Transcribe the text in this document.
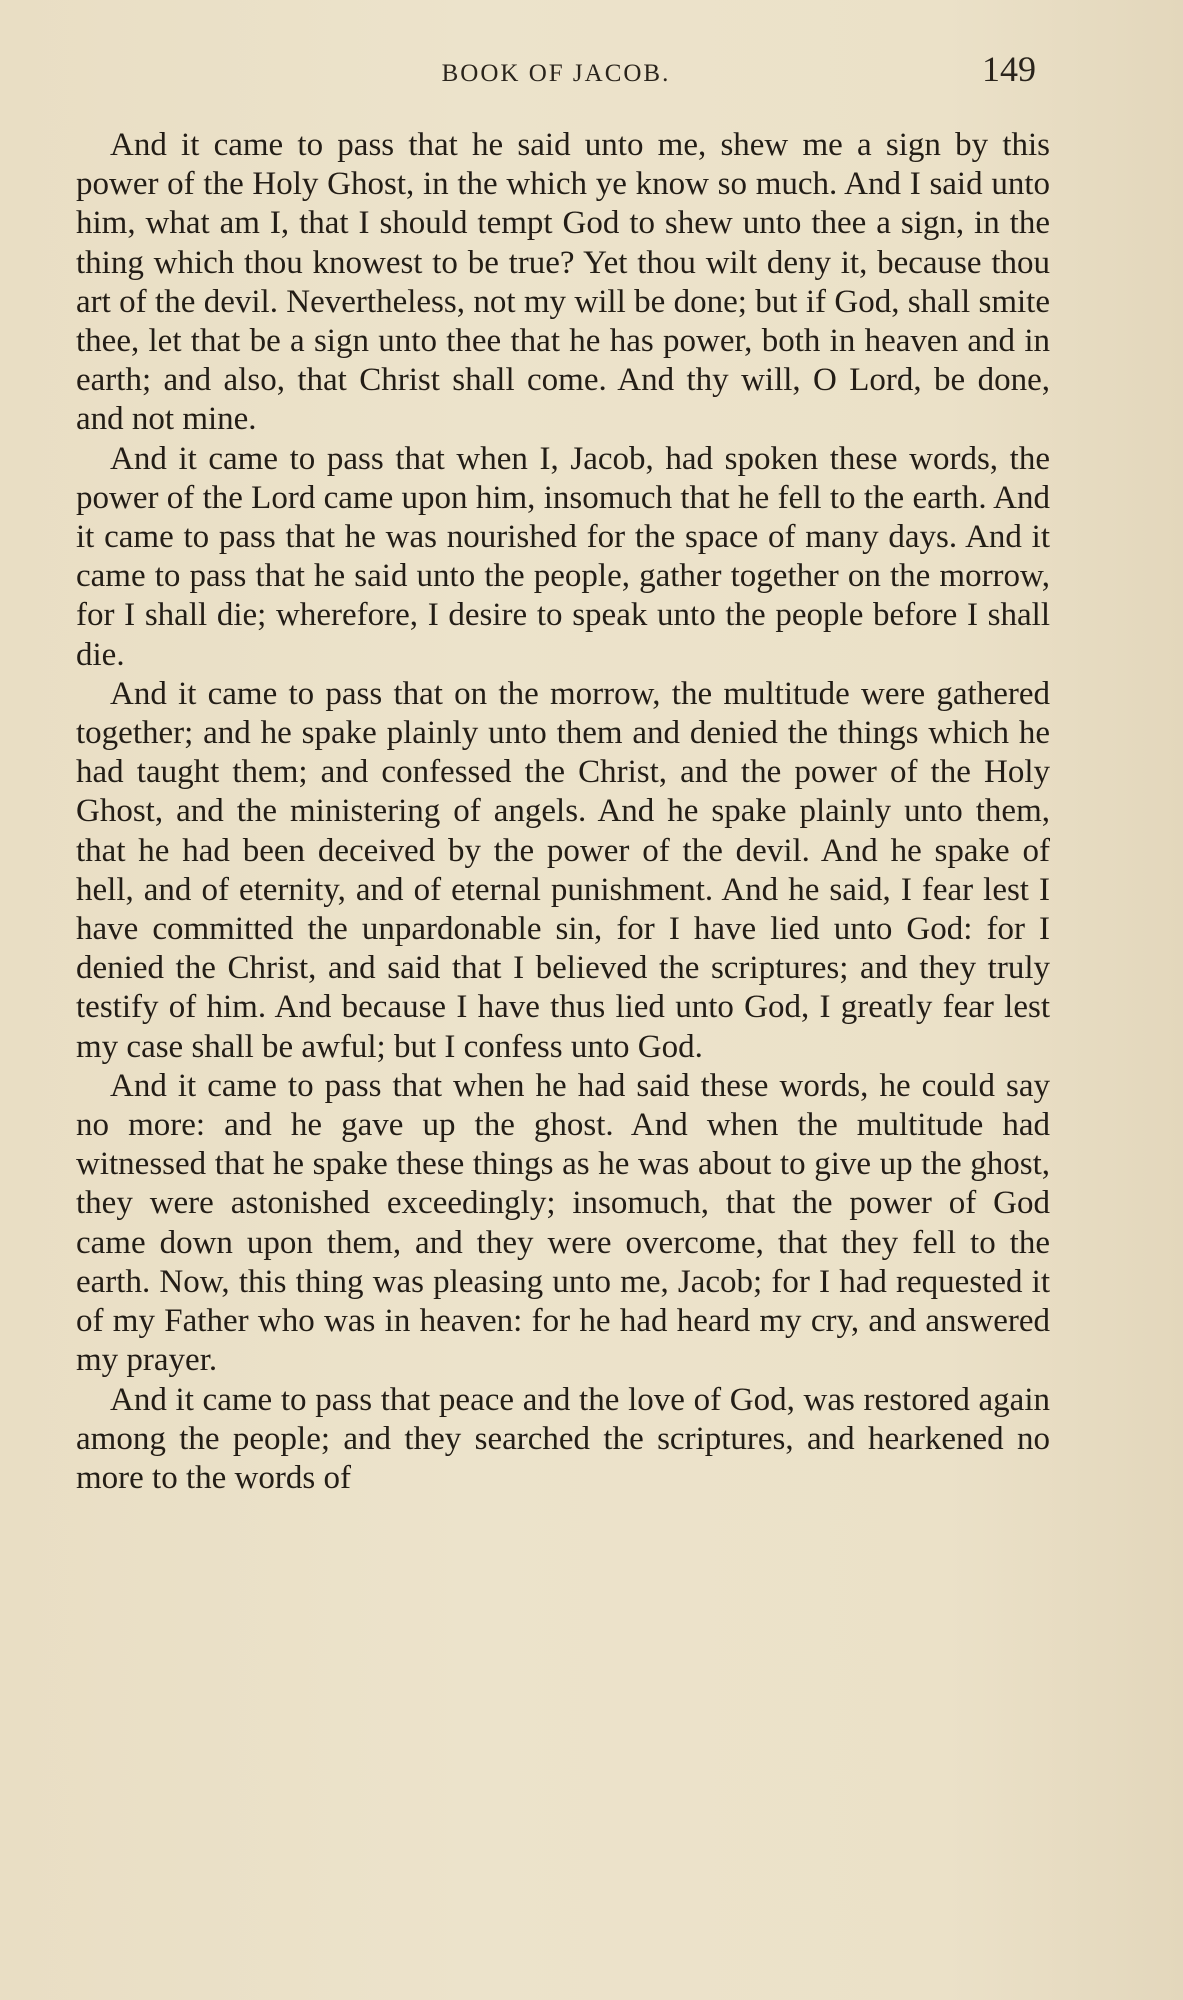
BOOK OF JACOB.	149

And it came to pass that he said unto me, shew me a sign by this power of the Holy Ghost, in the which ye know so much. And I said unto him, what am I, that I should tempt God to shew unto thee a sign, in the thing which thou knowest to be true? Yet thou wilt deny it, because thou art of the devil. Nevertheless, not my will be done; but if God, shall smite thee, let that be a sign unto thee that he has power, both in heaven and in earth; and also, that Christ shall come. And thy will, O Lord, be done, and not mine.

And it came to pass that when I, Jacob, had spoken these words, the power of the Lord came upon him, insomuch that he fell to the earth. And it came to pass that he was nourished for the space of many days. And it came to pass that he said unto the people, gather together on the morrow, for I shall die; wherefore, I desire to speak unto the people before I shall die.

And it came to pass that on the morrow, the multitude were gathered together; and he spake plainly unto them and denied the things which he had taught them; and confessed the Christ, and the power of the Holy Ghost, and the ministering of angels. And he spake plainly unto them, that he had been deceived by the power of the devil. And he spake of hell, and of eternity, and of eternal punishment. And he said, I fear lest I have committed the unpardonable sin, for I have lied unto God: for I denied the Christ, and said that I believed the scriptures; and they truly testify of him. And because I have thus lied unto God, I greatly fear lest my case shall be awful; but I confess unto God.

And it came to pass that when he had said these words, he could say no more: and he gave up the ghost. And when the multitude had witnessed that he spake these things as he was about to give up the ghost, they were astonished exceedingly; insomuch, that the power of God came down upon them, and they were overcome, that they fell to the earth. Now, this thing was pleasing unto me, Jacob; for I had requested it of my Father who was in heaven: for he had heard my cry, and answered my prayer.

And it came to pass that peace and the love of God, was restored again among the people; and they searched the scriptures, and hearkened no more to the words of
